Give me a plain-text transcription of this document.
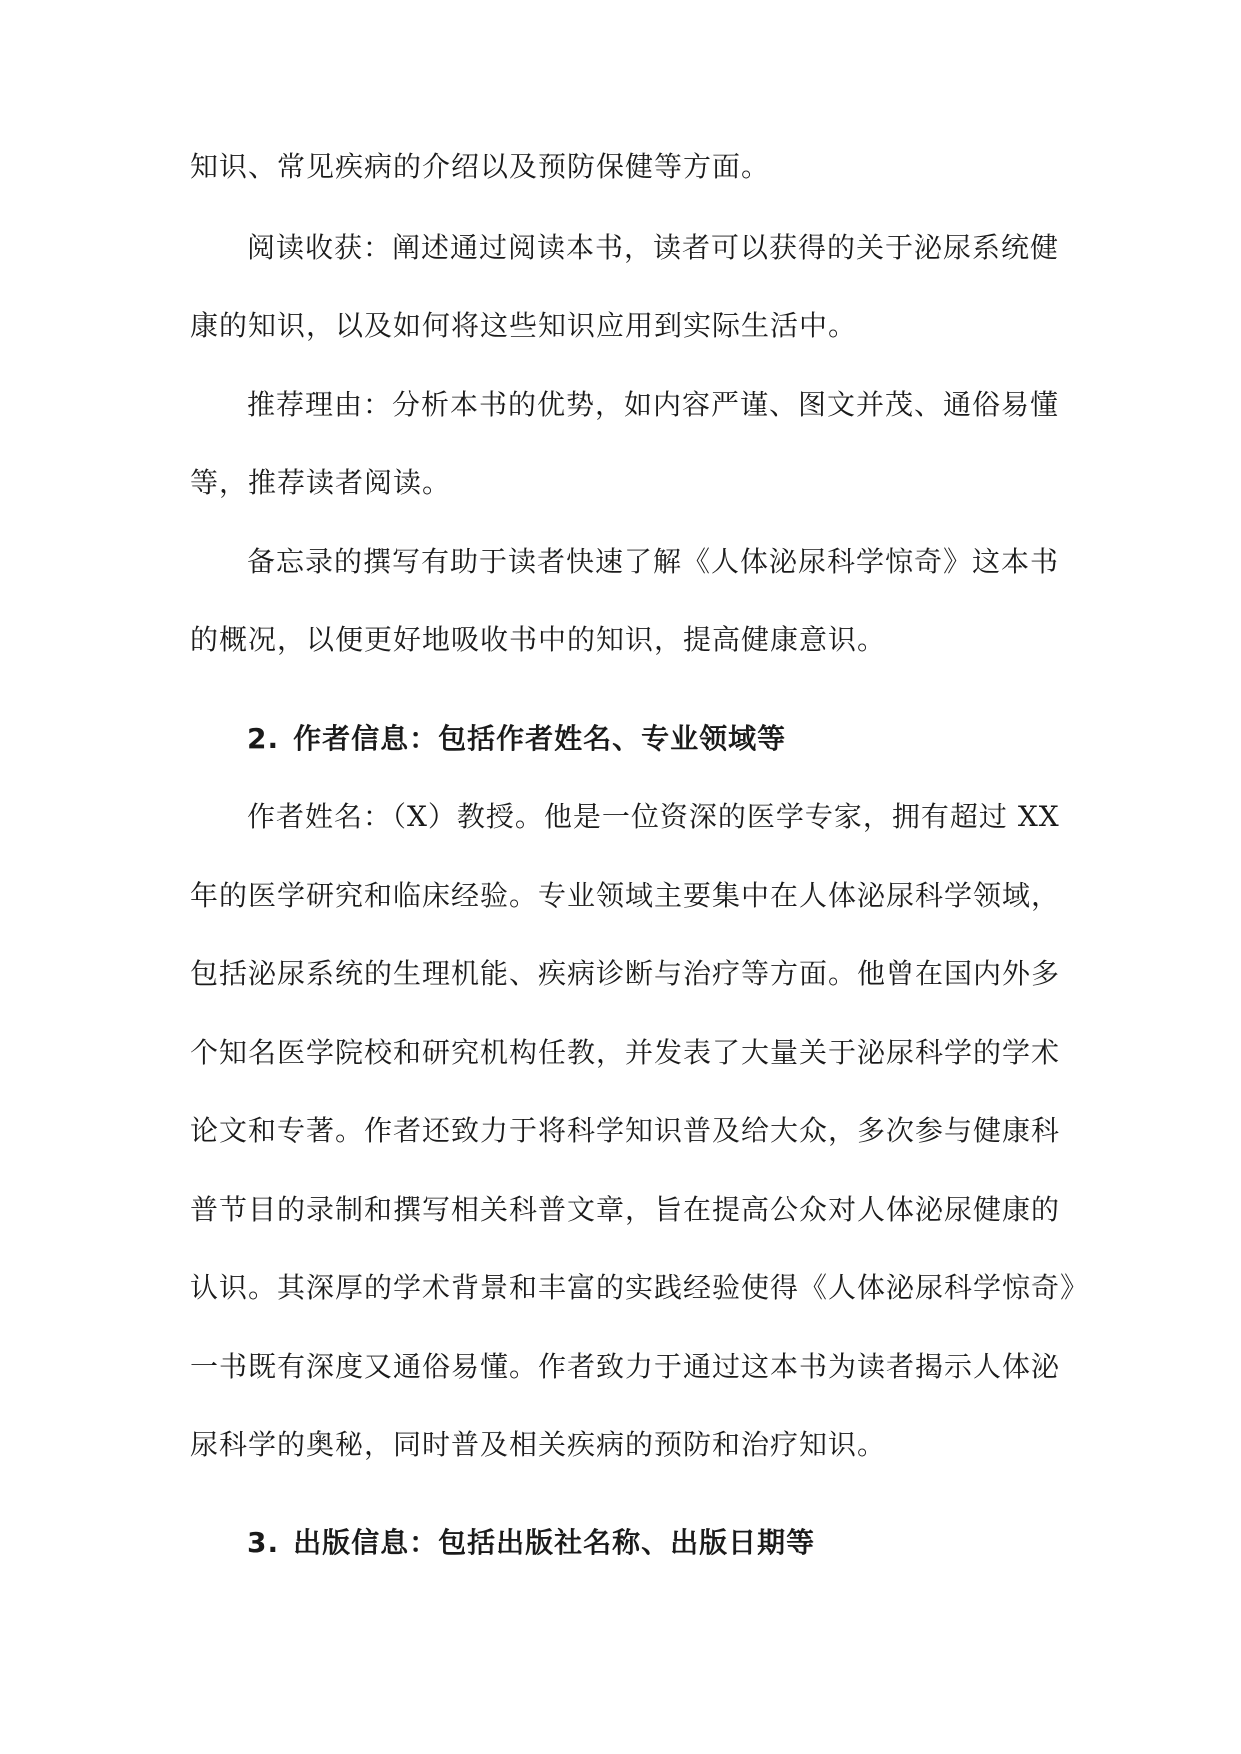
知识、常见疾病的介绍以及预防保健等方面。
阅读收获：阐述通过阅读本书，读者可以获得的关于泌尿系统健
康的知识，以及如何将这些知识应用到实际生活中。
推荐理由：分析本书的优势，如内容严谨、图文并茂、通俗易懂
等，推荐读者阅读。
备忘录的撰写有助于读者快速了解《人体泌尿科学惊奇》这本书
的概况，以便更好地吸收书中的知识，提高健康意识。
2. 作者信息：包括作者姓名、专业领域等
作者姓名：（X）教授。他是一位资深的医学专家，拥有超过 XX
年的医学研究和临床经验。专业领域主要集中在人体泌尿科学领域，
包括泌尿系统的生理机能、疾病诊断与治疗等方面。他曾在国内外多
个知名医学院校和研究机构任教，并发表了大量关于泌尿科学的学术
论文和专著。作者还致力于将科学知识普及给大众，多次参与健康科
普节目的录制和撰写相关科普文章，旨在提高公众对人体泌尿健康的
认识。其深厚的学术背景和丰富的实践经验使得《人体泌尿科学惊奇》
一书既有深度又通俗易懂。作者致力于通过这本书为读者揭示人体泌
尿科学的奥秘，同时普及相关疾病的预防和治疗知识。
3. 出版信息：包括出版社名称、出版日期等
